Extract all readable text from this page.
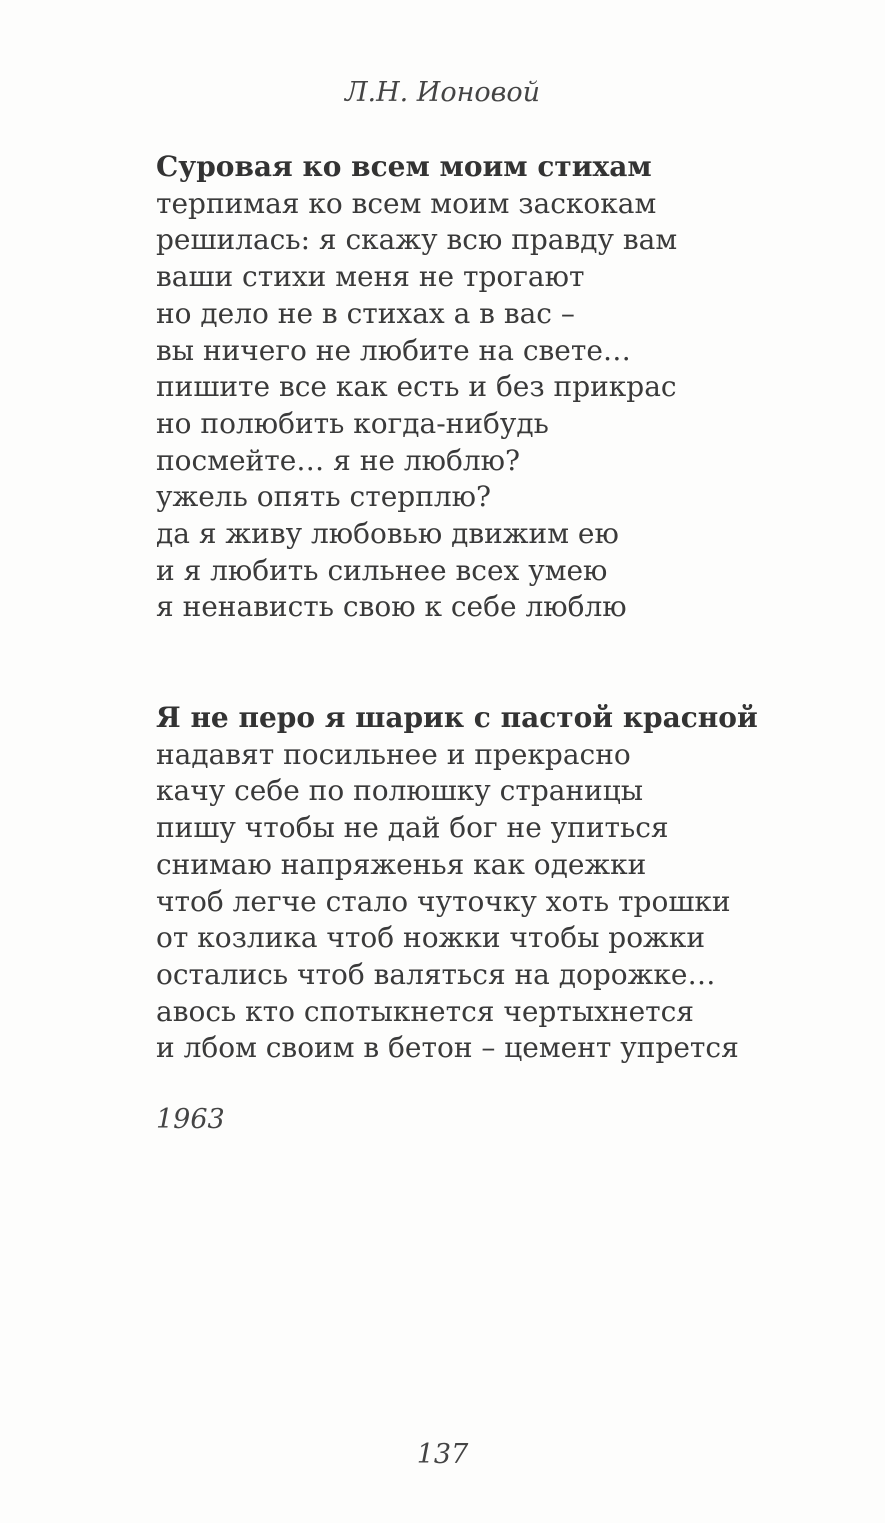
Л.Н. Ионовой
Суровая ко всем моим стихам
терпимая ко всем моим заскокам
решилась: я скажу всю правду вам
ваши стихи меня не трогают
но дело не в стихах а в вас –
вы ничего не любите на свете…
пишите все как есть и без прикрас
но полюбить когда-нибудь
посмейте… я не люблю?
ужель опять стерплю?
да я живу любовью движим ею
и я любить сильнее всех умею
я ненависть свою к себе люблю
Я не перо я шарик с пастой красной
надавят посильнее и прекрасно
качу себе по полюшку страницы
пишу чтобы не дай бог не упиться
снимаю напряженья как одежки
чтоб легче стало чуточку хоть трошки
от козлика чтоб ножки чтобы рожки
остались чтоб валяться на дорожке…
авось кто спотыкнется чертыхнется
и лбом своим в бетон – цемент упрется
1963
137
